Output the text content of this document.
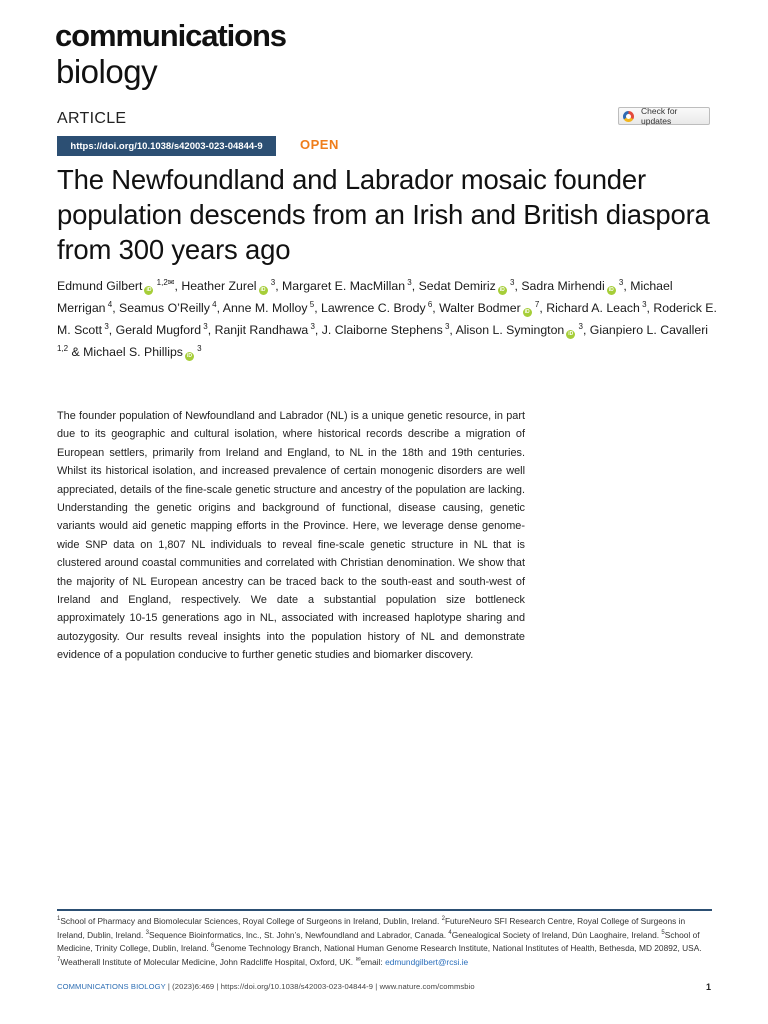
communications
biology
ARTICLE	Check for updates
https://doi.org/10.1038/s42003-023-04844-9	OPEN
The Newfoundland and Labrador mosaic founder population descends from an Irish and British diaspora from 300 years ago
Edmund Gilbert iD $^{1,2✉}$, Heather Zurel iD $^3$, Margaret E. MacMillan $^3$, Sedat Demiriz iD $^3$, Sadra Mirhendi iD $^3$, Michael Merrigan $^4$, Seamus O’Reilly $^4$, Anne M. Molloy $^5$, Lawrence C. Brody $^6$, Walter Bodmer iD $^7$, Richard A. Leach $^3$, Roderick E. M. Scott $^3$, Gerald Mugford $^3$, Ranjit Randhawa $^3$, J. Claiborne Stephens $^3$, Alison L. Symington iD $^3$, Gianpiero L. Cavalleri $^{1,2}$ & Michael S. Phillips iD $^3$

The founder population of Newfoundland and Labrador (NL) is a unique genetic resource, in part due to its geographic and cultural isolation, where historical records describe a migration of European settlers, primarily from Ireland and England, to NL in the 18th and 19th centuries. Whilst its historical isolation, and increased prevalence of certain monogenic disorders are well appreciated, details of the fine-scale genetic structure and ancestry of the population are lacking. Understanding the genetic origins and background of functional, disease causing, genetic variants would aid genetic mapping efforts in the Province. Here, we leverage dense genome-wide SNP data on 1,807 NL individuals to reveal fine-scale genetic structure in NL that is clustered around coastal communities and correlated with Christian denomination. We show that the majority of NL European ancestry can be traced back to the south-east and south-west of Ireland and England, respectively. We date a substantial population size bottleneck approximately 10-15 generations ago in NL, associated with increased haplotype sharing and autozygosity. Our results reveal insights into the population history of NL and demonstrate evidence of a population conducive to further genetic studies and biomarker discovery.

$^1$School of Pharmacy and Biomolecular Sciences, Royal College of Surgeons in Ireland, Dublin, Ireland. $^2$FutureNeuro SFI Research Centre, Royal College of Surgeons in Ireland, Dublin, Ireland. $^3$Sequence Bioinformatics, Inc., St. John’s, Newfoundland and Labrador, Canada. $^4$Genealogical Society of Ireland, Dún Laoghaire, Ireland. $^5$School of Medicine, Trinity College, Dublin, Ireland. $^6$Genome Technology Branch, National Human Genome Research Institute, National Institutes of Health, Bethesda, MD 20892, USA. $^7$Weatherall Institute of Molecular Medicine, John Radcliffe Hospital, Oxford, UK. ✉email: edmundgilbert@rcsi.ie

COMMUNICATIONS BIOLOGY | (2023)6:469 | https://doi.org/10.1038/s42003-023-04844-9 | www.nature.com/commsbio	1
